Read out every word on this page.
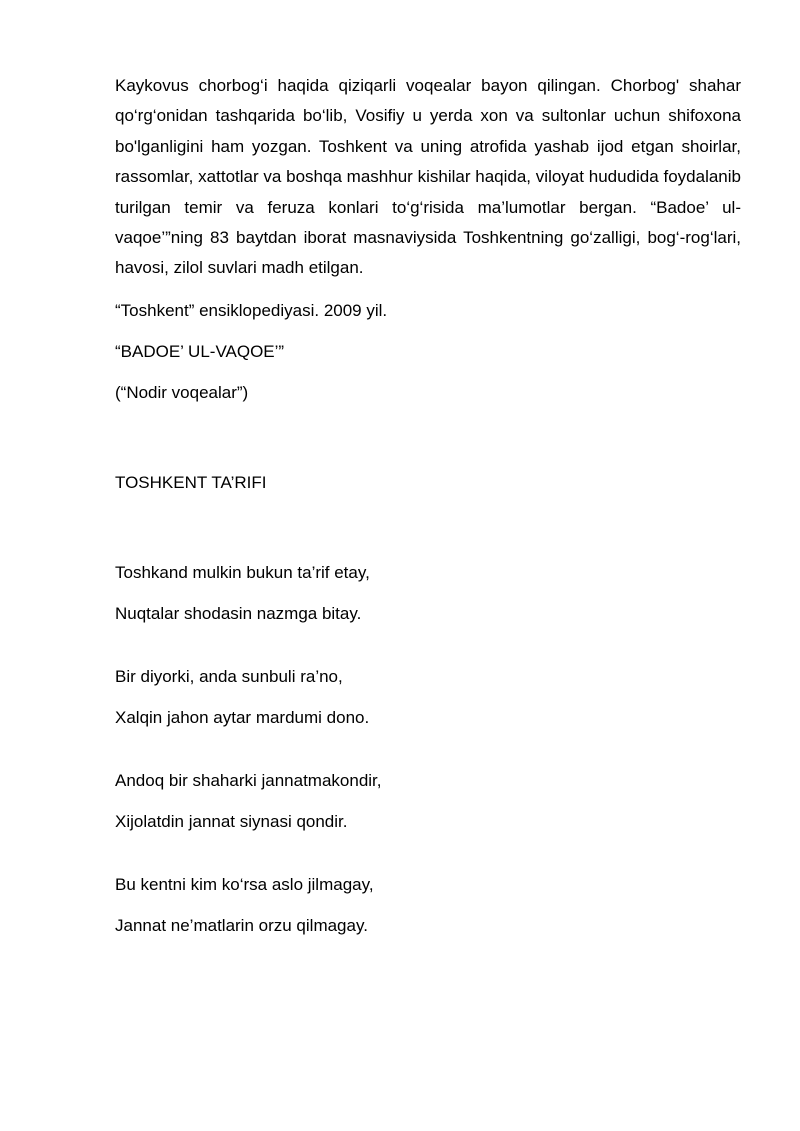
Kaykovus chorbog‘i haqida qiziqarli voqealar bayon qilingan. Chorbog' shahar qo‘rg‘onidan tashqarida bo‘lib, Vosifiy u yerda xon va sultonlar uchun shifoxona bo'lganligini ham yozgan. Toshkent va uning atrofida yashab ijod etgan shoirlar, rassomlar, xattotlar va boshqa mashhur kishilar haqida, viloyat hududida foydalanib turilgan temir va feruza konlari to‘g‘risida ma’lumotlar bergan. “Badoe’ ul-vaqoe’”ning 83 baytdan iborat masnaviysida Toshkentning go‘zalligi, bog‘-rog‘lari, havosi, zilol suvlari madh etilgan.

“Toshkent” ensiklopediyasi. 2009 yil.

“BADOE’ UL-VAQOE’”

(“Nodir voqealar”)

TOSHKENT TA’RIFI

Toshkand mulkin bukun ta’rif etay,

Nuqtalar shodasin nazmga bitay.

Bir diyorki, anda sunbuli ra’no,

Xalqin jahon aytar mardumi dono.

Andoq bir shaharki jannatmakondir,

Xijolatdin jannat siynasi qondir.

Bu kentni kim ko‘rsa aslo jilmagay,

Jannat ne’matlarin orzu qilmagay.
